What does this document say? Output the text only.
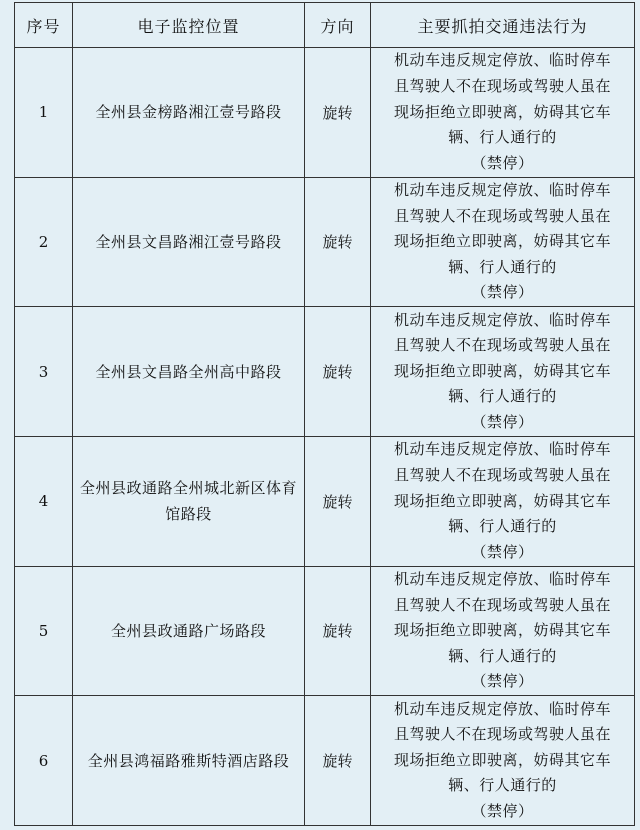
序号	电子监控位置	方向	主要抓拍交通违法行为
1	全州县金榜路湘江壹号路段	旋转	机动车违反规定停放、临时停车
且驾驶人不在现场或驾驶人虽在
现场拒绝立即驶离，妨碍其它车
辆、行人通行的
（禁停）

2	全州县文昌路湘江壹号路段	旋转	机动车违反规定停放、临时停车
且驾驶人不在现场或驾驶人虽在
现场拒绝立即驶离，妨碍其它车
辆、行人通行的
（禁停）

3	全州县文昌路全州高中路段	旋转	机动车违反规定停放、临时停车
且驾驶人不在现场或驾驶人虽在
现场拒绝立即驶离，妨碍其它车
辆、行人通行的
（禁停）

4	全州县政通路全州城北新区体育馆路段	旋转	机动车违反规定停放、临时停车
且驾驶人不在现场或驾驶人虽在
现场拒绝立即驶离，妨碍其它车
辆、行人通行的
（禁停）

5	全州县政通路广场路段	旋转	机动车违反规定停放、临时停车
且驾驶人不在现场或驾驶人虽在
现场拒绝立即驶离，妨碍其它车
辆、行人通行的
（禁停）

6	全州县鸿福路雅斯特酒店路段	旋转	机动车违反规定停放、临时停车
且驾驶人不在现场或驾驶人虽在
现场拒绝立即驶离，妨碍其它车
辆、行人通行的
（禁停）
